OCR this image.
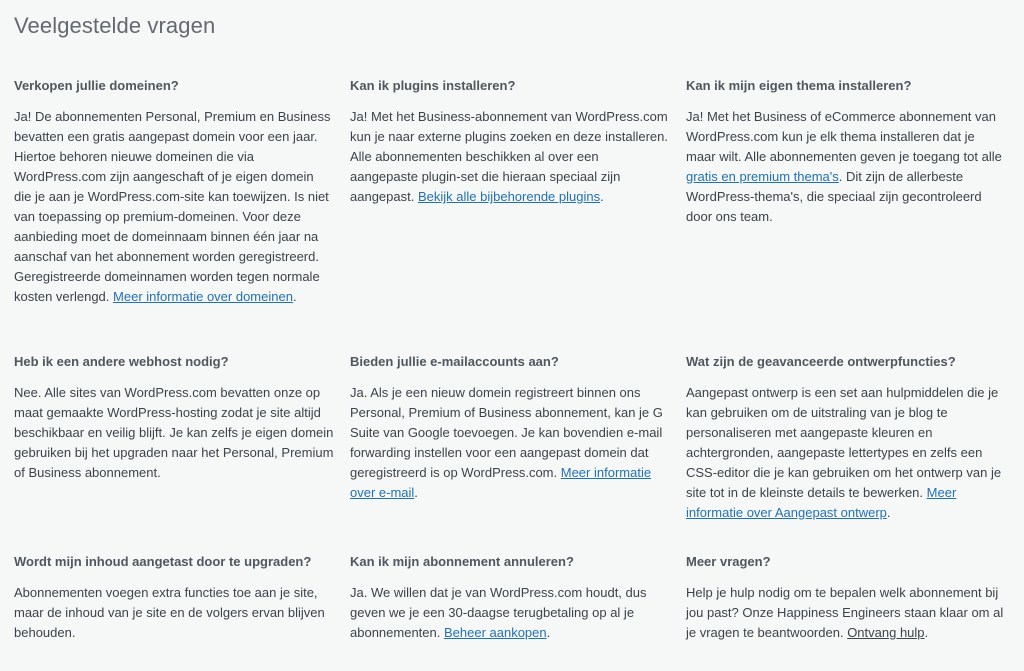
Veelgestelde vragen
Verkopen jullie domeinen?

Ja! De abonnementen Personal, Premium en Business bevatten een gratis aangepast domein voor een jaar. Hiertoe behoren nieuwe domeinen die via WordPress.com zijn aangeschaft of je eigen domein die je aan je WordPress.com-site kan toewijzen. Is niet van toepassing op premium-domeinen. Voor deze aanbieding moet de domeinnaam binnen één jaar na aanschaf van het abonnement worden geregistreerd. Geregistreerde domeinnamen worden tegen normale kosten verlengd. Meer informatie over domeinen.

Kan ik plugins installeren?

Ja! Met het Business-abonnement van WordPress.com kun je naar externe plugins zoeken en deze installeren. Alle abonnementen beschikken al over een aangepaste plugin-set die hieraan speciaal zijn aangepast. Bekijk alle bijbehorende plugins.

Kan ik mijn eigen thema installeren?

Ja! Met het Business of eCommerce abonnement van WordPress.com kun je elk thema installeren dat je maar wilt. Alle abonnementen geven je toegang tot alle gratis en premium thema's. Dit zijn de allerbeste WordPress-thema's, die speciaal zijn gecontroleerd door ons team.

Heb ik een andere webhost nodig?

Nee. Alle sites van WordPress.com bevatten onze op maat gemaakte WordPress-hosting zodat je site altijd beschikbaar en veilig blijft. Je kan zelfs je eigen domein gebruiken bij het upgraden naar het Personal, Premium of Business abonnement.

Bieden jullie e-mailaccounts aan?

Ja. Als je een nieuw domein registreert binnen ons Personal, Premium of Business abonnement, kan je G Suite van Google toevoegen. Je kan bovendien e-mail forwarding instellen voor een aangepast domein dat geregistreerd is op WordPress.com. Meer informatie over e-mail.

Wat zijn de geavanceerde ontwerpfuncties?

Aangepast ontwerp is een set aan hulpmiddelen die je kan gebruiken om de uitstraling van je blog te personaliseren met aangepaste kleuren en achtergronden, aangepaste lettertypes en zelfs een CSS-editor die je kan gebruiken om het ontwerp van je site tot in de kleinste details te bewerken. Meer informatie over Aangepast ontwerp.

Wordt mijn inhoud aangetast door te upgraden?

Abonnementen voegen extra functies toe aan je site, maar de inhoud van je site en de volgers ervan blijven behouden.

Kan ik mijn abonnement annuleren?

Ja. We willen dat je van WordPress.com houdt, dus geven we je een 30-daagse terugbetaling op al je abonnementen. Beheer aankopen.

Meer vragen?

Help je hulp nodig om te bepalen welk abonnement bij jou past? Onze Happiness Engineers staan klaar om al je vragen te beantwoorden. Ontvang hulp.
